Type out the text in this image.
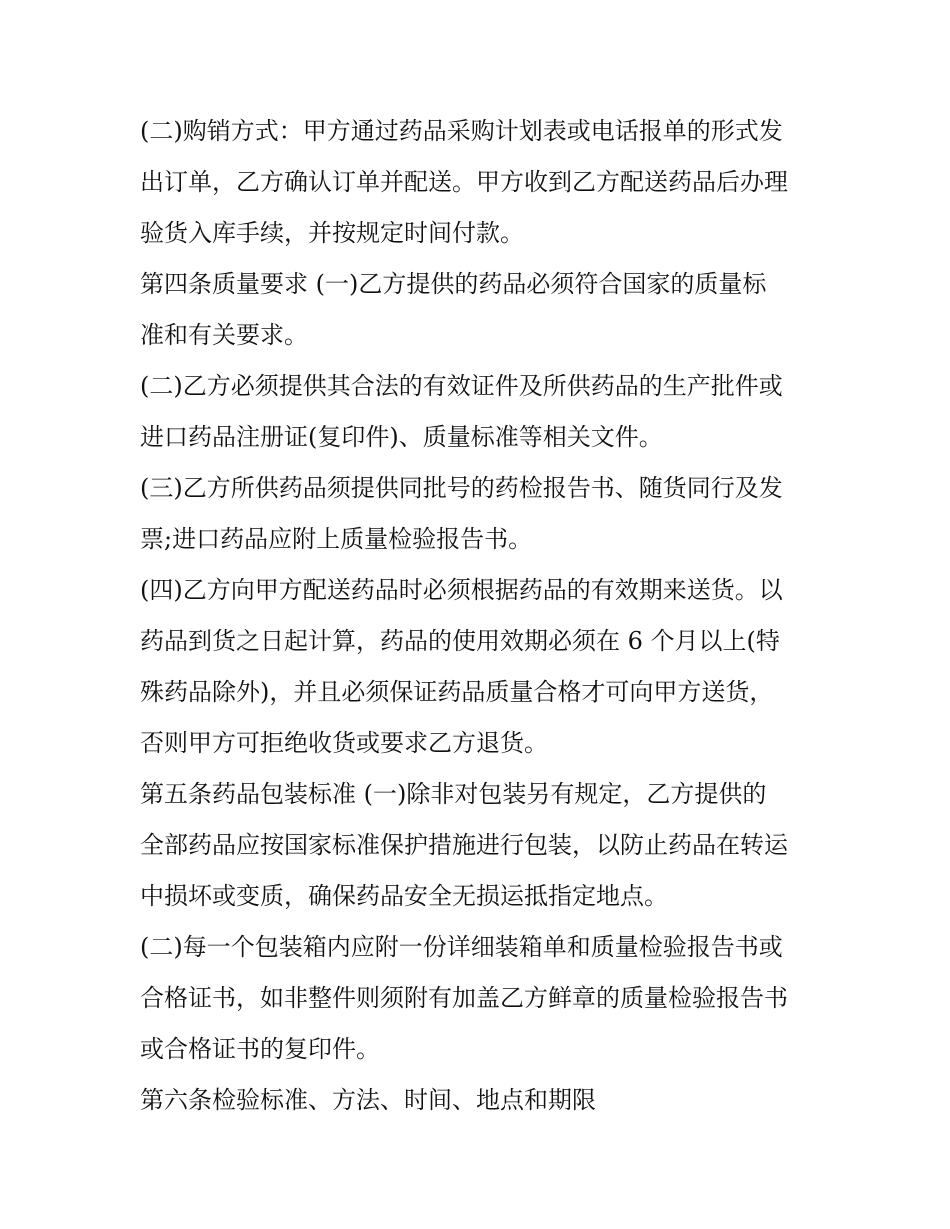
(二)购销方式：甲方通过药品采购计划表或电话报单的形式发
出订单，乙方确认订单并配送。甲方收到乙方配送药品后办理
验货入库手续，并按规定时间付款。
第四条质量要求 (一)乙方提供的药品必须符合国家的质量标
准和有关要求。
(二)乙方必须提供其合法的有效证件及所供药品的生产批件或
进口药品注册证(复印件)、质量标准等相关文件。
(三)乙方所供药品须提供同批号的药检报告书、随货同行及发
票;进口药品应附上质量检验报告书。
(四)乙方向甲方配送药品时必须根据药品的有效期来送货。以
药品到货之日起计算，药品的使用效期必须在 6 个月以上(特
殊药品除外)，并且必须保证药品质量合格才可向甲方送货，
否则甲方可拒绝收货或要求乙方退货。
第五条药品包装标准 (一)除非对包装另有规定，乙方提供的
全部药品应按国家标准保护措施进行包装，以防止药品在转运
中损坏或变质，确保药品安全无损运抵指定地点。
(二)每一个包装箱内应附一份详细装箱单和质量检验报告书或
合格证书，如非整件则须附有加盖乙方鲜章的质量检验报告书
或合格证书的复印件。
第六条检验标准、方法、时间、地点和期限
